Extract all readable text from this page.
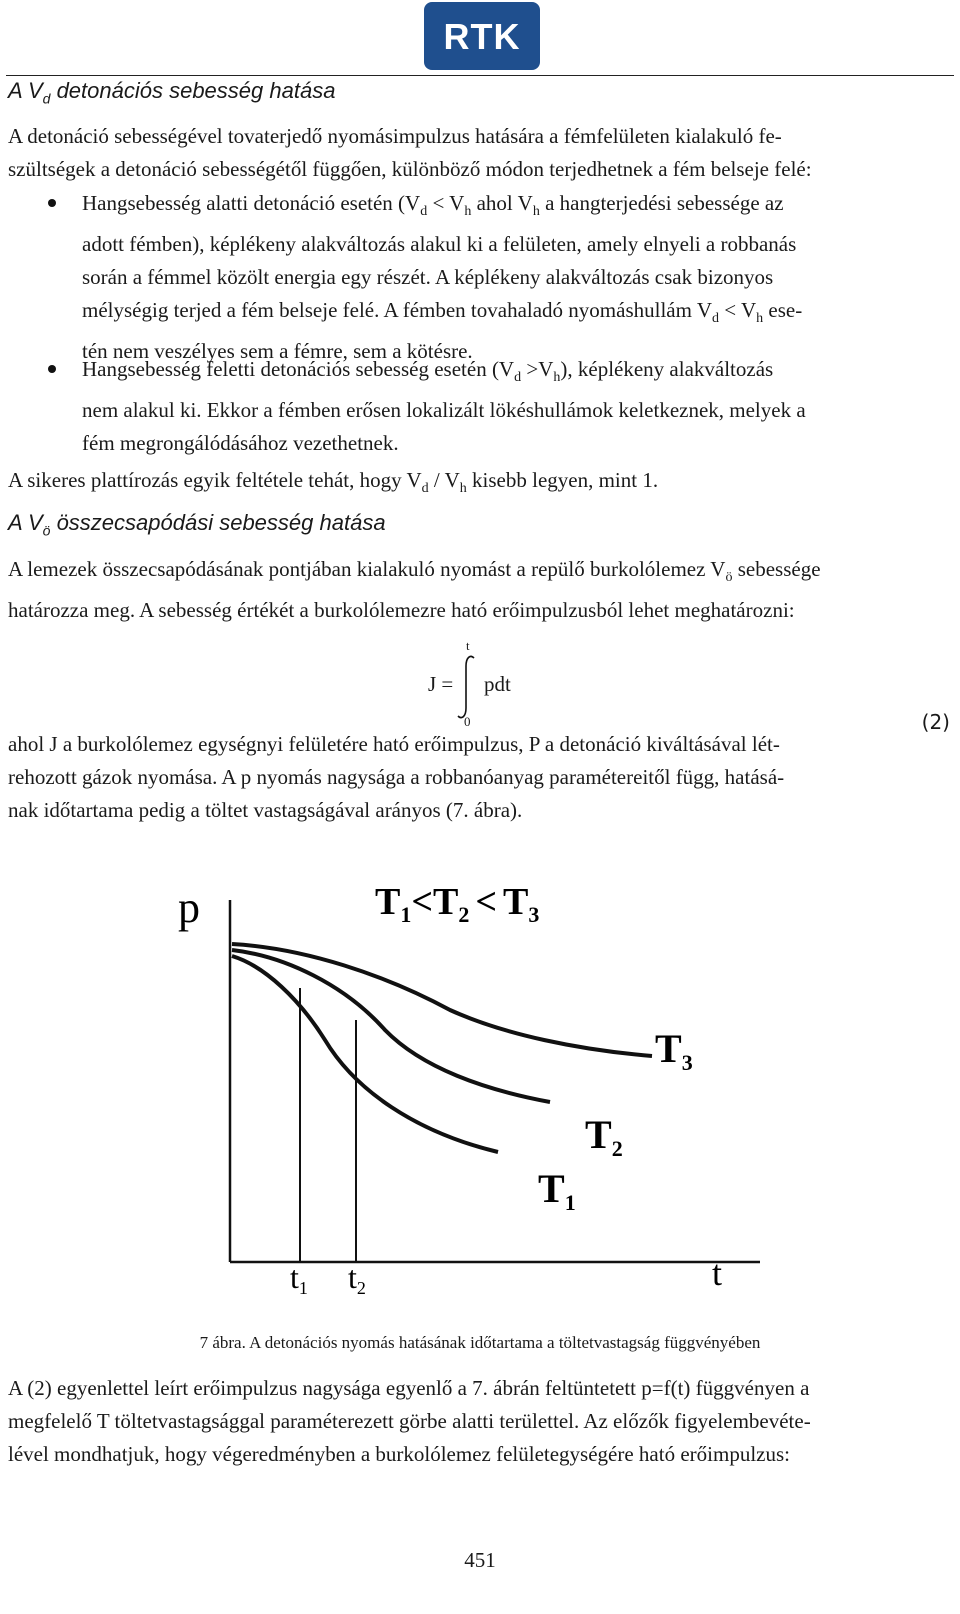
RTK
A $V_d$ detonációs sebesség hatása
A detonáció sebességével tovaterjedő nyomásimpulzus hatására a fémfelületen kialakuló fe-
szültségek a detonáció sebességétől függően, különböző módon terjedhetnek a fém belseje felé:
Hangsebesség alatti detonáció esetén ($V_d < V_h$ ahol $V_h$ a hangterjedési sebessége az
adott fémben), képlékeny alakváltozás alakul ki a felületen, amely elnyeli a robbanás
során a fémmel közölt energia egy részét. A képlékeny alakváltozás csak bizonyos
mélységig terjed a fém belseje felé. A fémben tovahaladó nyomáshullám $V_d < V_h$ ese-
tén nem veszélyes sem a fémre, sem a kötésre.
Hangsebesség feletti detonációs sebesség esetén $(V_d >V_h)$, képlékeny alakváltozás
nem alakul ki. Ekkor a fémben erősen lokalizált lökéshullámok keletkeznek, melyek a
fém megrongálódásához vezethetnek.
A sikeres plattírozás egyik feltétele tehát, hogy $V_d / V_h$ kisebb legyen, mint 1.
A $V_ö$ összecsapódási sebesség hatása
A lemezek összecsapódásának pontjában kialakuló nyomást a repülő burkolólemez $V_ö$ sebessége
határozza meg. A sebesség értékét a burkolólemezre ható erőimpulzusból lehet meghatározni:
J =
t
0
pdt
(2)
ahol J a burkolólemez egységnyi felületére ható erőimpulzus, P a detonáció kiváltásával lét-
rehozott gázok nyomása. A p nyomás nagysága a robbanóanyag paramétereitől függ, hatásá-
nak időtartama pedig a töltet vastagságával arányos (7. ábra).
p
t
$T_1<T_2 < T_3$
$T_1$
$T_2$
$T_3$
t1 t2
7 ábra. A detonációs nyomás hatásának időtartama a töltetvastagság függvényében
A (2) egyenlettel leírt erőimpulzus nagysága egyenlő a 7. ábrán feltüntetett p=f(t) függvényen a
megfelelő T töltetvastagsággal paraméterezett görbe alatti területtel. Az előzők figyelembevéte-
lével mondhatjuk, hogy végeredményben a burkolólemez felületegységére ható erőimpulzus:
451
